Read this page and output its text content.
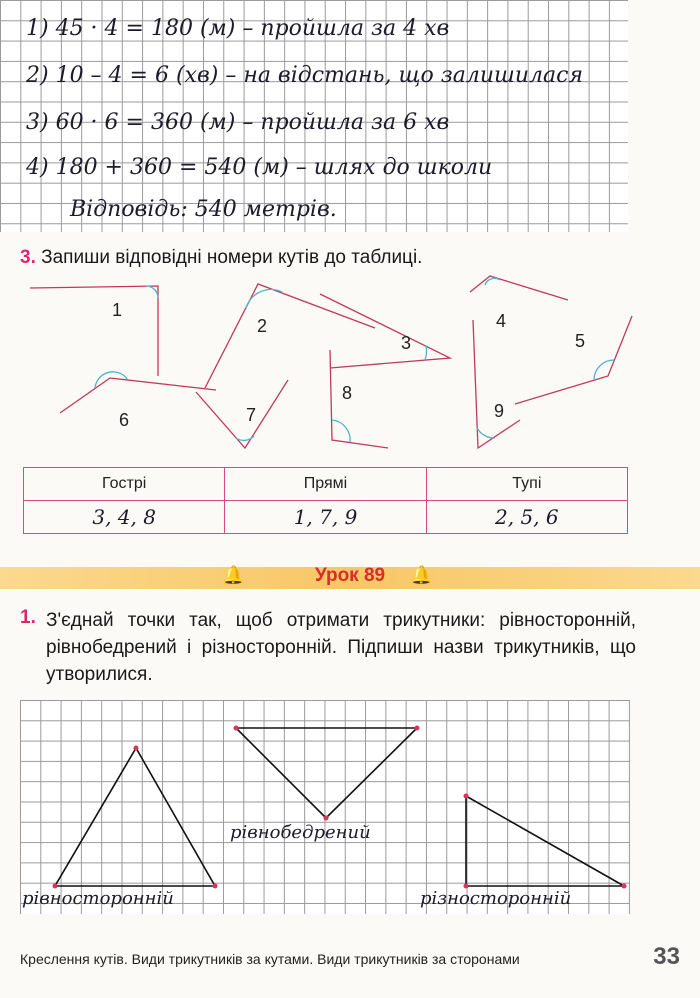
1) 45 · 4 = 180 (м) – пройшла за 4 хв
2) 10 – 4 = 6 (хв) – на відстань, що залишилася
3) 60 · 6 = 360 (м) – пройшла за 6 хв
4) 180 + 360 = 540 (м) – шлях до школи
Відповідь: 540 метрів.
3. Запиши відповідні номери кутів до таблиці.
1
2
3
4
5
6	7
8
9
Гострі	Прямі	Тупі
3, 4, 8	1, 7, 9	2, 5, 6
🔔	🔔
Урок 89
1. З'єднай точки так, щоб отримати трикутники: рівносторонній, рівнобедрений і різносторонній. Підпиши назви трикутників, що утворилися.
рівносторонній
рівнобедрений
різносторонній
Креслення кутів. Види трикутників за кутами. Види трикутників за сторонами	33
